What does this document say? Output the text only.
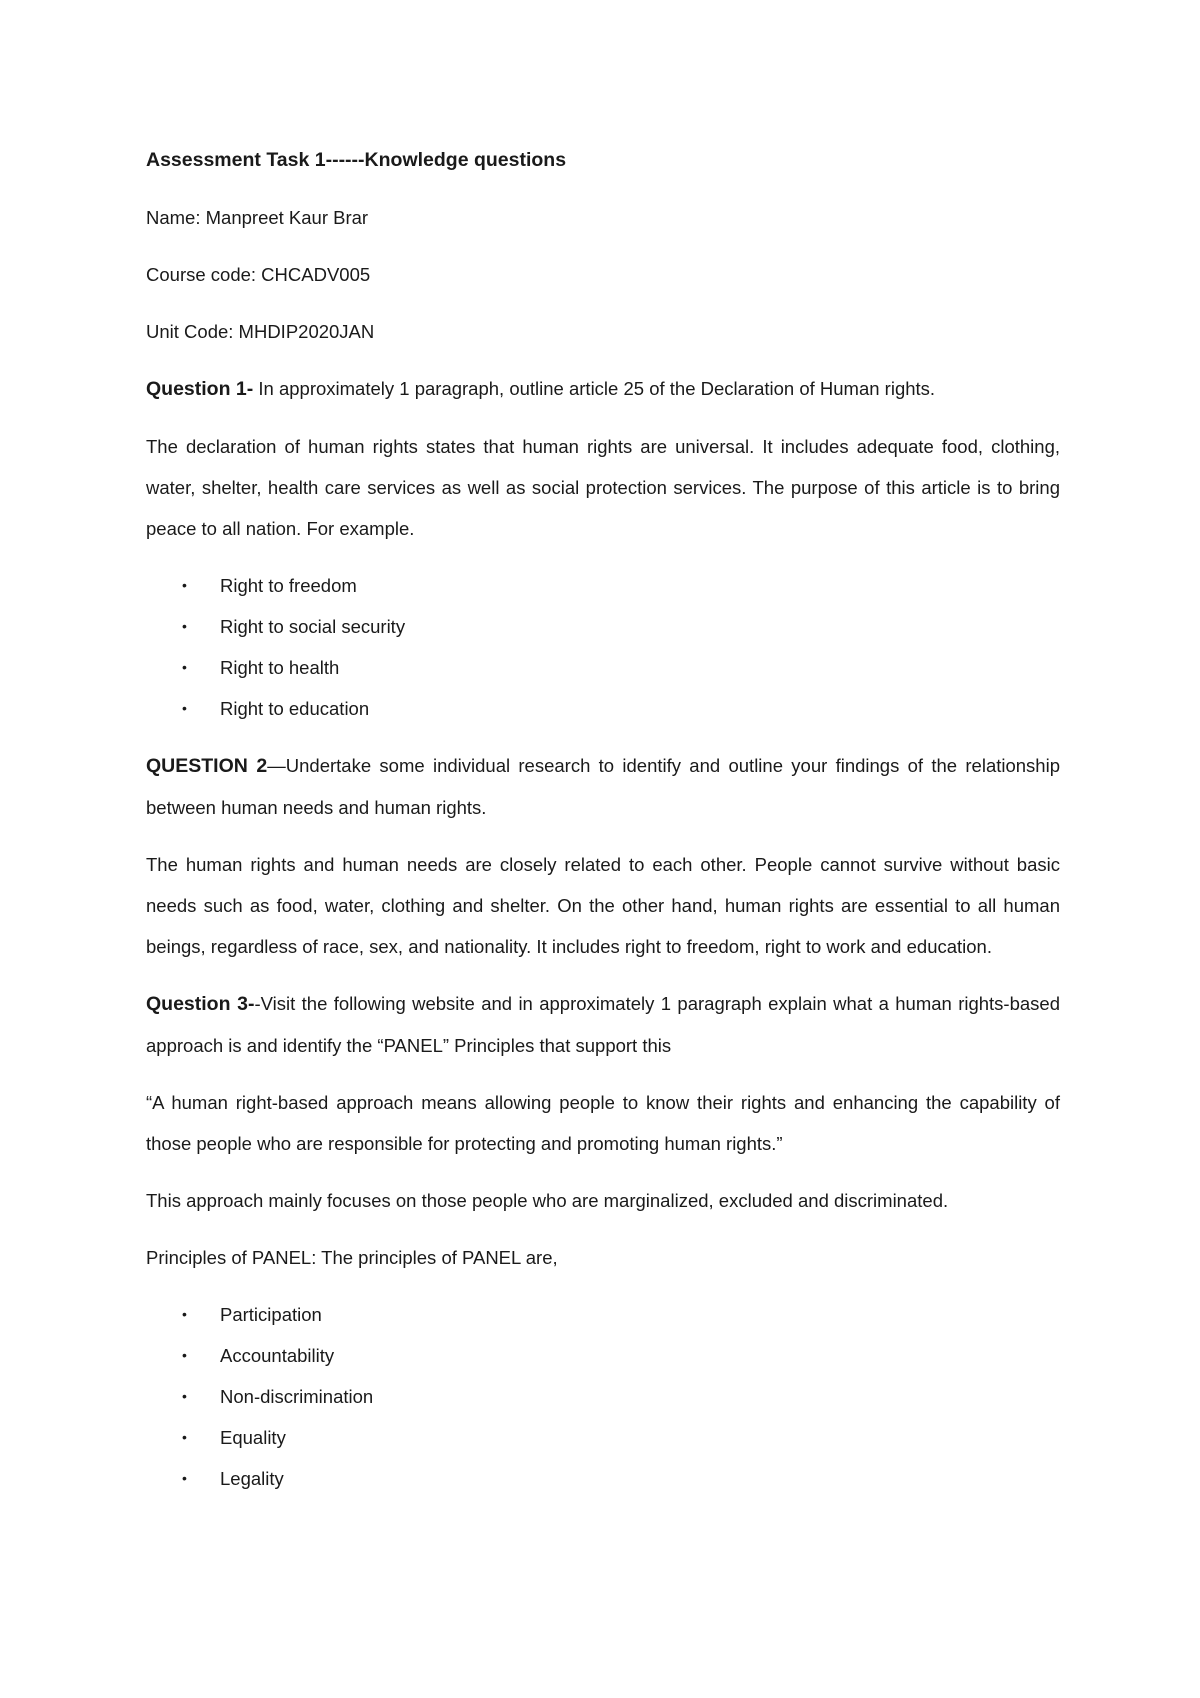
Assessment Task 1------Knowledge questions

Name: Manpreet Kaur Brar

Course code: CHCADV005

Unit Code: MHDIP2020JAN

Question 1- In approximately 1 paragraph, outline article 25 of the Declaration of Human rights.

The declaration of human rights states that human rights are universal. It includes adequate food, clothing, water, shelter, health care services as well as social protection services. The purpose of this article is to bring peace to all nation. For example.

• Right to freedom
• Right to social security
• Right to health
• Right to education

QUESTION 2—Undertake some individual research to identify and outline your findings of the relationship between human needs and human rights.

The human rights and human needs are closely related to each other. People cannot survive without basic needs such as food, water, clothing and shelter. On the other hand, human rights are essential to all human beings, regardless of race, sex, and nationality. It includes right to freedom, right to work and education.

Question 3--Visit the following website and in approximately 1 paragraph explain what a human rights-based approach is and identify the “PANEL” Principles that support this

“A human right-based approach means allowing people to know their rights and enhancing the capability of those people who are responsible for protecting and promoting human rights.”

This approach mainly focuses on those people who are marginalized, excluded and discriminated.

Principles of PANEL: The principles of PANEL are,

• Participation
• Accountability
• Non-discrimination
• Equality
• Legality
